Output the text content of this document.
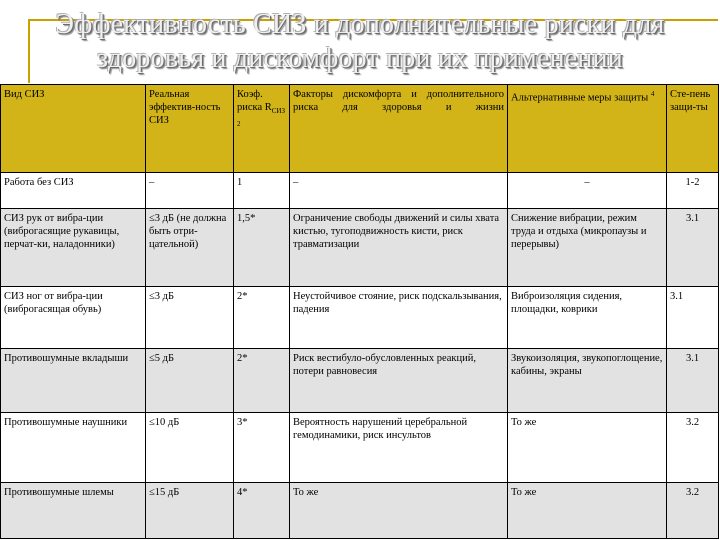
Эффективность СИЗ и дополнительные риски для
здоровья и дискомфорт при их применении
Вид СИЗ	Реальная эффектив-ность СИЗ	Коэф. риска $R_{СИЗ}$ $^2$	Факторы дискомфорта и дополнительного риска для здоровья и жизни	Альтернативные меры защиты $^4$	Сте-пень защи-ты
Работа без СИЗ	–	1	–	–	1-2
СИЗ рук от вибра-ции (виброгасящие рукавицы, перчат-ки, наладонники)	≤3 дБ (не должна быть отри-цательной)	1,5*	Ограничение свободы движений и силы хвата кистью, тугоподвижность кисти, риск травматизации	Снижение вибрации, режим труда и отдыха (микропаузы и перерывы)	3.1
СИЗ ног от вибра-ции (виброгасящая обувь)	≤3 дБ	2*	Неустойчивое стояние, риск подскальзывания, падения	Виброизоляция сидения, площадки, коврики	3.1
Противошумные вкладыши	≤5 дБ	2*	Риск вестибуло-обусловленных реакций, потери равновесия	Звукоизоляция, звукопоглощение, кабины, экраны	3.1
Противошумные наушники	≤10 дБ	3*	Вероятность нарушений церебральной гемодинамики, риск инсультов	То же	3.2
Противошумные шлемы	≤15 дБ	4*	То же	То же	3.2
